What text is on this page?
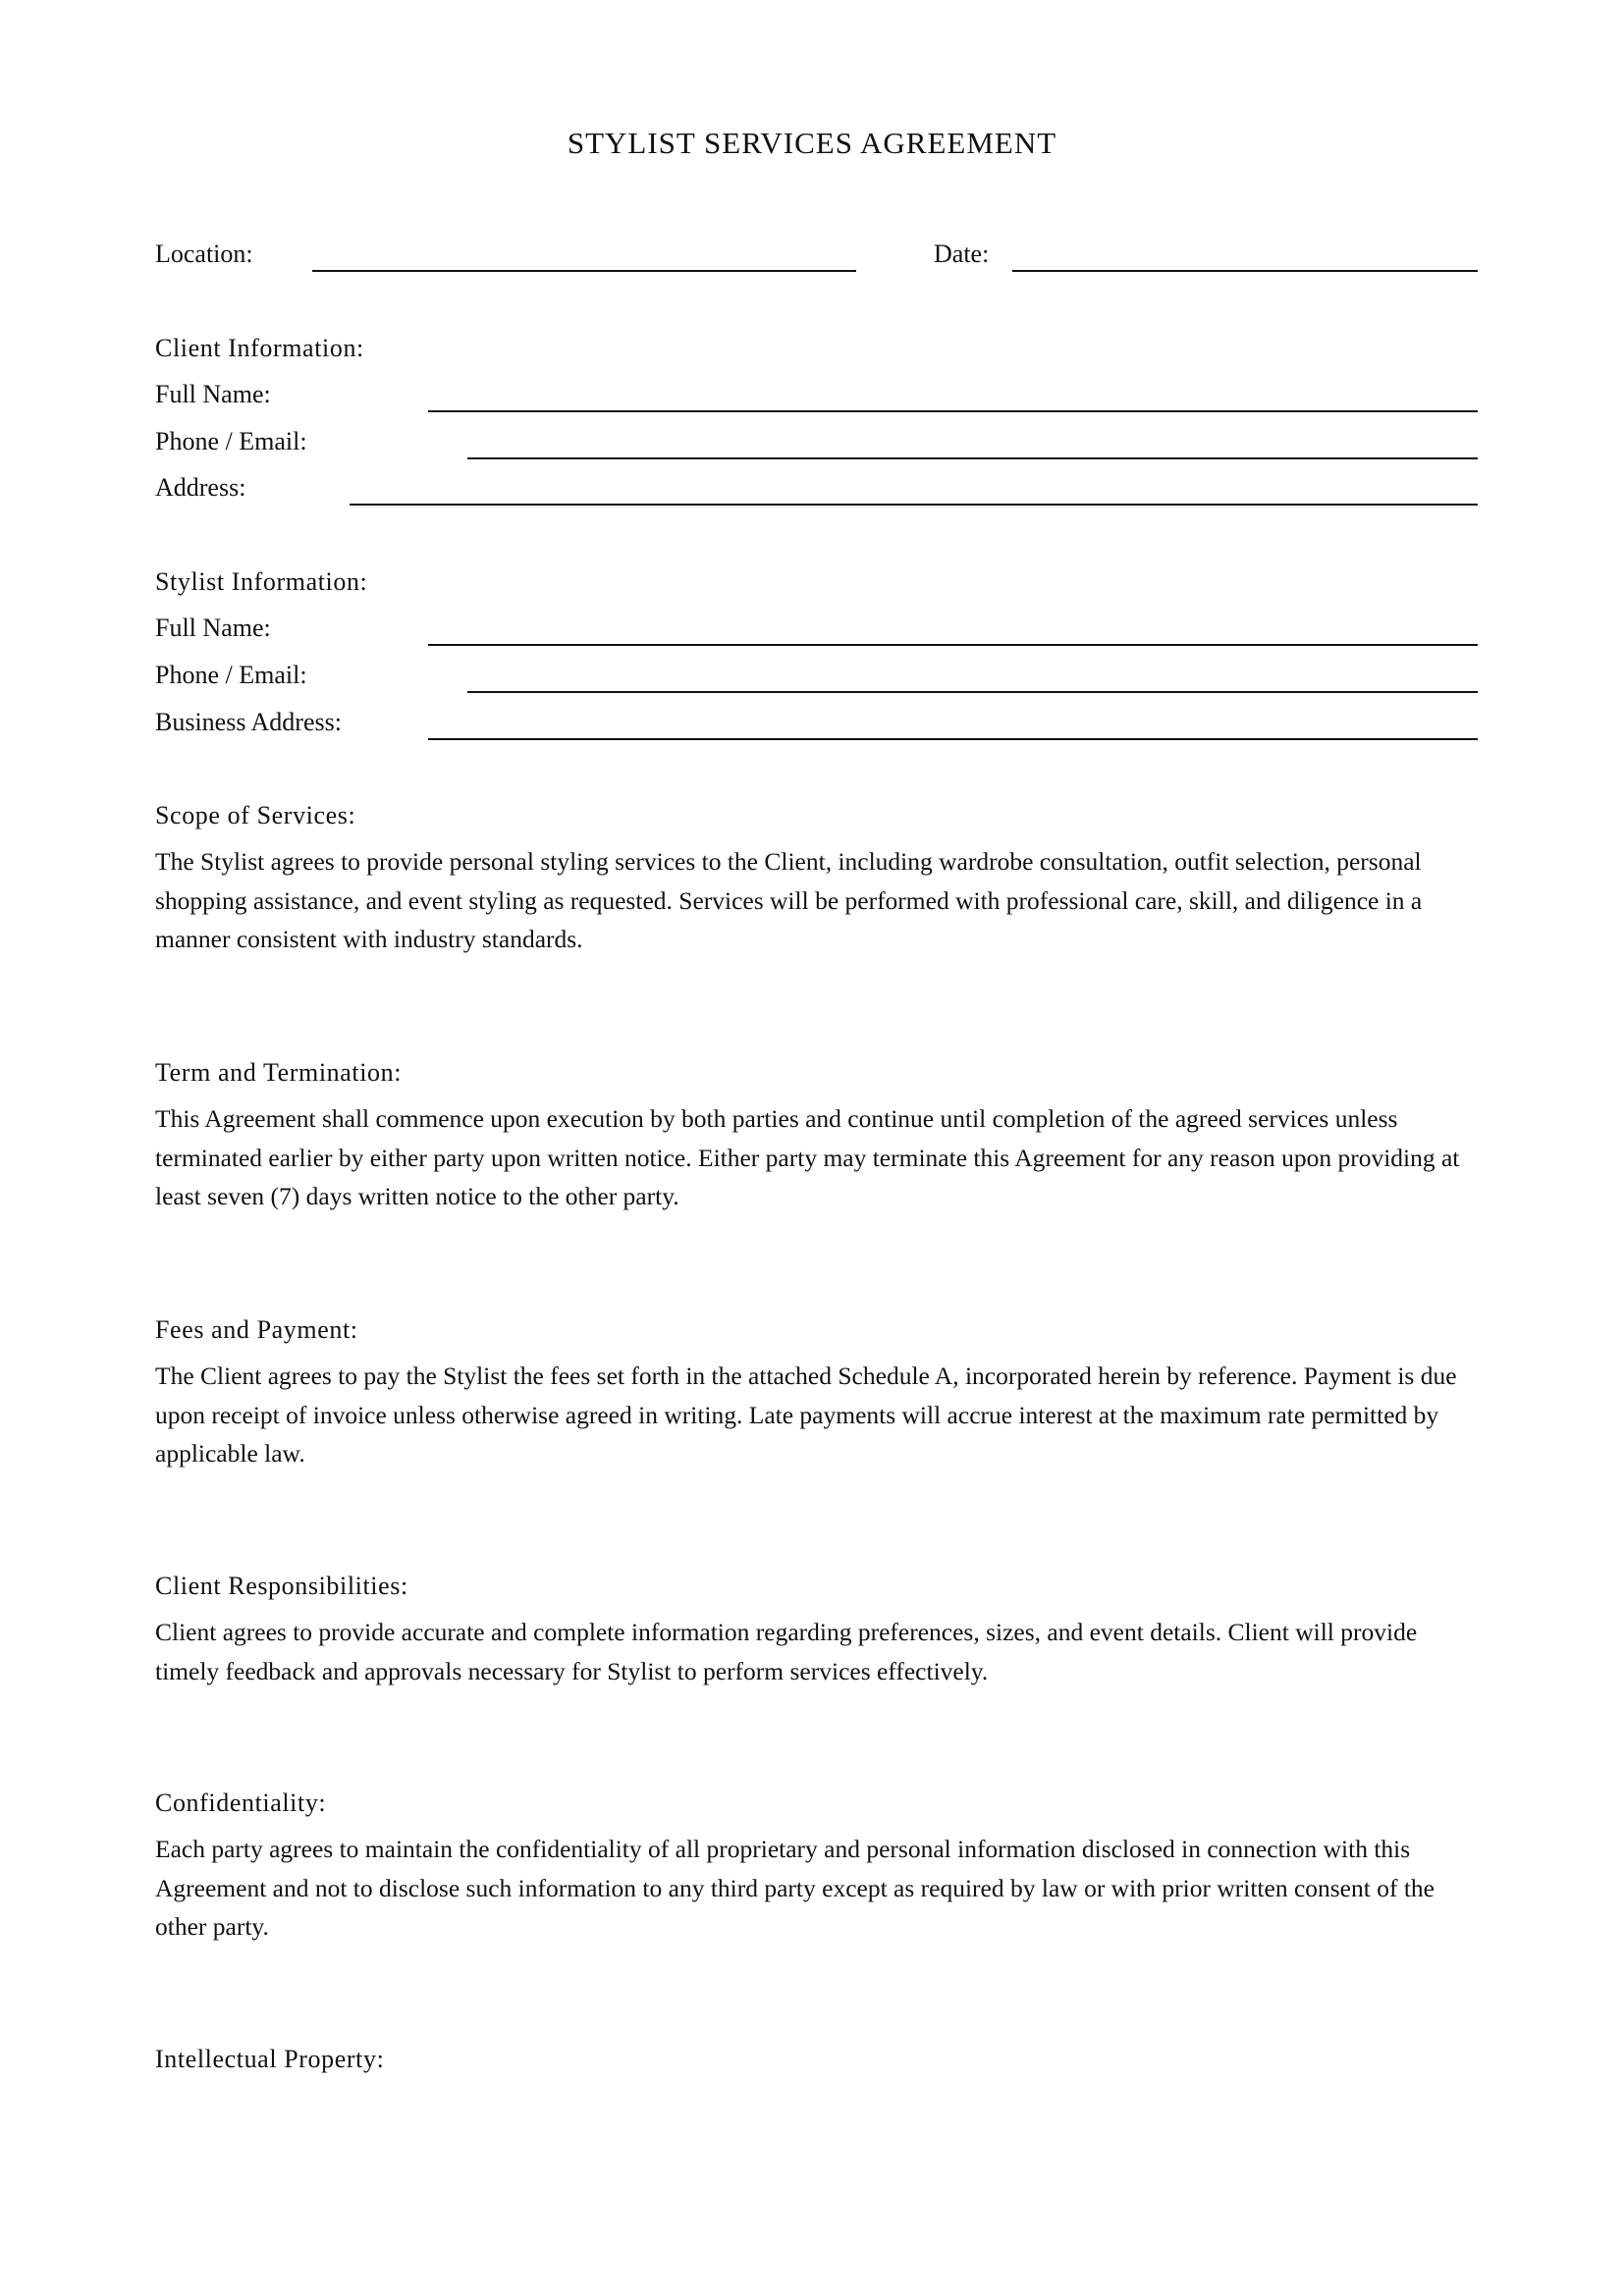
STYLIST SERVICES AGREEMENT
Location:	Date:
Client Information:
Full Name:
Phone / Email:
Address:
Stylist Information:
Full Name:
Phone / Email:
Business Address:
Scope of Services:
The Stylist agrees to provide personal styling services to the Client, including wardrobe consultation, outfit selection, personal shopping assistance, and event styling as requested. Services will be performed with professional care, skill, and diligence in a manner consistent with industry standards.
Term and Termination:
This Agreement shall commence upon execution by both parties and continue until completion of the agreed services unless terminated earlier by either party upon written notice. Either party may terminate this Agreement for any reason upon providing at least seven (7) days written notice to the other party.
Fees and Payment:
The Client agrees to pay the Stylist the fees set forth in the attached Schedule A, incorporated herein by reference. Payment is due upon receipt of invoice unless otherwise agreed in writing. Late payments will accrue interest at the maximum rate permitted by applicable law.
Client Responsibilities:
Client agrees to provide accurate and complete information regarding preferences, sizes, and event details. Client will provide timely feedback and approvals necessary for Stylist to perform services effectively.
Confidentiality:
Each party agrees to maintain the confidentiality of all proprietary and personal information disclosed in connection with this Agreement and not to disclose such information to any third party except as required by law or with prior written consent of the other party.
Intellectual Property:
